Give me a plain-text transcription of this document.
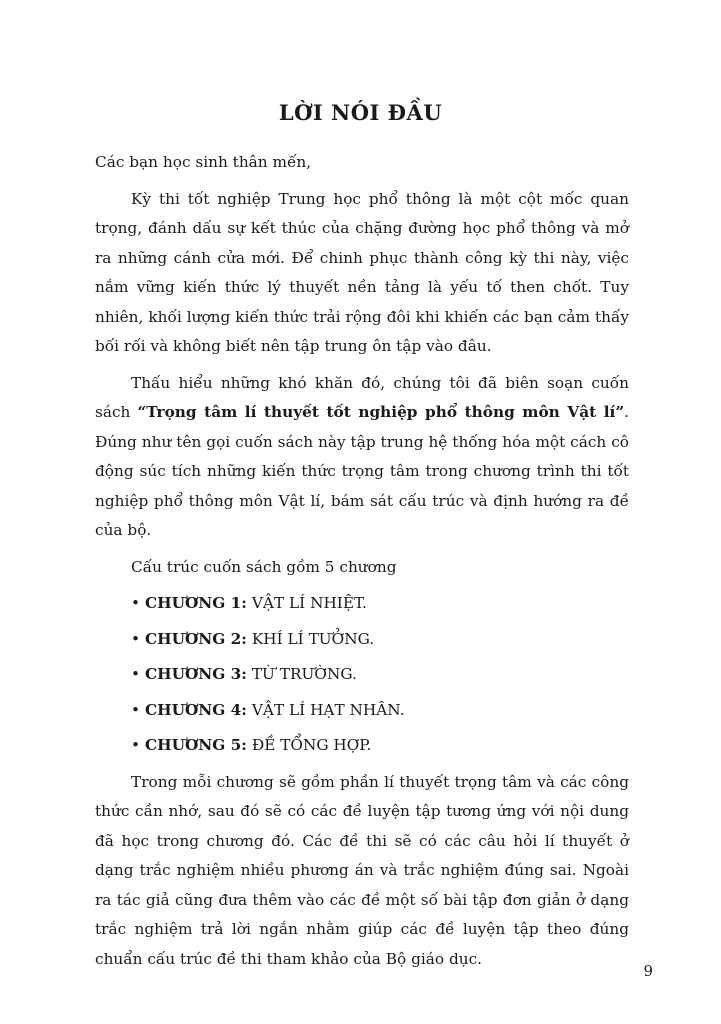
LỜI NÓI ĐẦU

Các bạn học sinh thân mến,

Kỳ thi tốt nghiệp Trung học phổ thông là một cột mốc quan trọng, đánh dấu sự kết thúc của chặng đường học phổ thông và mở ra những cánh cửa mới. Để chinh phục thành công kỳ thi này, việc nắm vững kiến thức lý thuyết nền tảng là yếu tố then chốt. Tuy nhiên, khối lượng kiến thức trải rộng đôi khi khiến các bạn cảm thấy bối rối và không biết nên tập trung ôn tập vào đâu.

Thấu hiểu những khó khăn đó, chúng tôi đã biên soạn cuốn sách “Trọng tâm lí thuyết tốt nghiệp phổ thông môn Vật lí”. Đúng như tên gọi cuốn sách này tập trung hệ thống hóa một cách cô động súc tích những kiến thức trọng tâm trong chương trình thi tốt nghiệp phổ thông môn Vật lí, bám sát cấu trúc và định hướng ra đề của bộ.

Cấu trúc cuốn sách gồm 5 chương

• CHƯƠNG 1: VẬT LÍ NHIỆT.
• CHƯƠNG 2: KHÍ LÍ TƯỞNG.
• CHƯƠNG 3: TỪ TRƯỜNG.
• CHƯƠNG 4: VẬT LÍ HẠT NHÂN.
• CHƯƠNG 5: ĐỀ TỔNG HỢP.

Trong mỗi chương sẽ gồm phần lí thuyết trọng tâm và các công thức cần nhớ, sau đó sẽ có các đề luyện tập tương ứng với nội dung đã học trong chương đó. Các đề thi sẽ có các câu hỏi lí thuyết ở dạng trắc nghiệm nhiều phương án và trắc nghiệm đúng sai. Ngoài ra tác giả cũng đưa thêm vào các đề một số bài tập đơn giản ở dạng trắc nghiệm trả lời ngắn nhằm giúp các đề luyện tập theo đúng chuẩn cấu trúc đề thi tham khảo của Bộ giáo dục.

9
